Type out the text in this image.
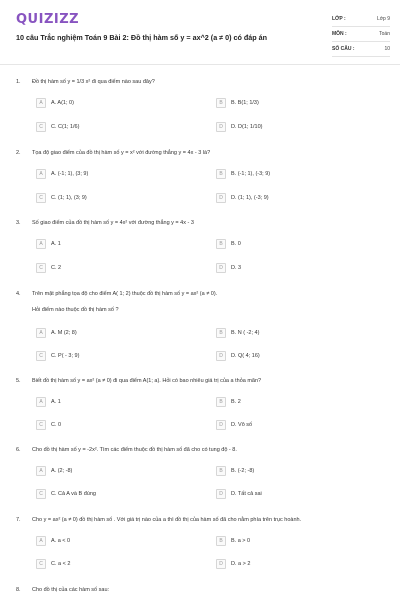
QUIZIZZ
10 câu Trắc nghiệm Toán 9 Bài 2: Đồ thị hàm số y = ax^2 (a ≠ 0) có đáp án
LỚP :	Lớp 9
MÔN :	Toán
SỐ CÂU :	10
1. Đồ thị hàm số y = 1/3 x² đi qua điểm nào sau đây?
A	A. A(1; 0)	B	B. B(1; 1/3)
C	C. C(1; 1/6)	D	D. D(1; 1/10)
2. Tọa độ giao điểm của đồ thị hàm số y = x² với đường thẳng y = 4x - 3 là?
A	A. (-1; 1), (3; 9)	B	B. (-1; 1), (-3; 9)
C	C. (1; 1), (3; 9)	D	D. (1; 1), (-3; 9)
3. Số giao điểm của đồ thị hàm số y = 4x² với đường thẳng y = 4x - 3
A	A. 1	B	B. 0
C	C. 2	D	D. 3
4. Trên mặt phẳng tọa độ cho điểm A( 1; 2) thuộc đồ thị hàm số y = ax² (a ≠ 0).
Hỏi điểm nào thuộc đồ thị hàm số ?
A	A. M (2; 8)	B	B. N ( -2; 4)
C	C. P( - 3; 9)	D	D. Q( 4; 16)
5. Biết đồ thị hàm số y = ax² (a ≠ 0) đi qua điểm A(1; a). Hỏi có bao nhiêu giá trị của a thỏa mãn?
A	A. 1	B	B. 2
C	C. 0	D	D. Vô số
6. Cho đồ thị hàm số y = -2x². Tìm các điểm thuộc đồ thị hàm số đã cho có tung độ - 8.
A	A. (2; -8)	B	B. (-2; -8)
C	C. Cả A và B đúng	D	D. Tất cả sai
7. Cho y = ax² (a ≠ 0) đồ thị hàm số . Với giá trị nào của a thì đồ thị của hàm số đã cho nằm phía trên trục hoành.
A	A. a < 0	B	B. a > 0
C	C. a < 2	D	D. a > 2
8. Cho đồ thị của các hàm số sau:
